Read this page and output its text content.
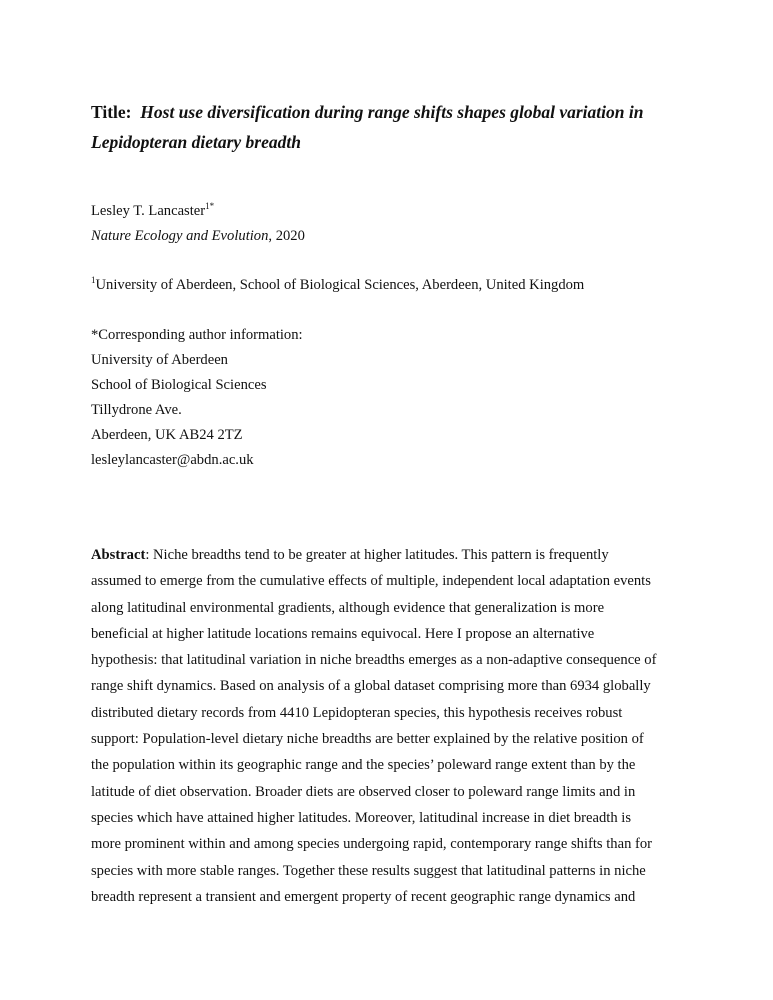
Title: Host use diversification during range shifts shapes global variation in
Lepidopteran dietary breadth
Lesley T. Lancaster$^{1*}$
Nature Ecology and Evolution, 2020
$^1$University of Aberdeen, School of Biological Sciences, Aberdeen, United Kingdom
*Corresponding author information:
University of Aberdeen
School of Biological Sciences
Tillydrone Ave.
Aberdeen, UK AB24 2TZ
lesleylancaster@abdn.ac.uk
Abstract: Niche breadths tend to be greater at higher latitudes. This pattern is frequently
assumed to emerge from the cumulative effects of multiple, independent local adaptation events
along latitudinal environmental gradients, although evidence that generalization is more
beneficial at higher latitude locations remains equivocal. Here I propose an alternative
hypothesis: that latitudinal variation in niche breadths emerges as a non-adaptive consequence of
range shift dynamics. Based on analysis of a global dataset comprising more than 6934 globally
distributed dietary records from 4410 Lepidopteran species, this hypothesis receives robust
support: Population-level dietary niche breadths are better explained by the relative position of
the population within its geographic range and the species’ poleward range extent than by the
latitude of diet observation. Broader diets are observed closer to poleward range limits and in
species which have attained higher latitudes. Moreover, latitudinal increase in diet breadth is
more prominent within and among species undergoing rapid, contemporary range shifts than for
species with more stable ranges. Together these results suggest that latitudinal patterns in niche
breadth represent a transient and emergent property of recent geographic range dynamics and
